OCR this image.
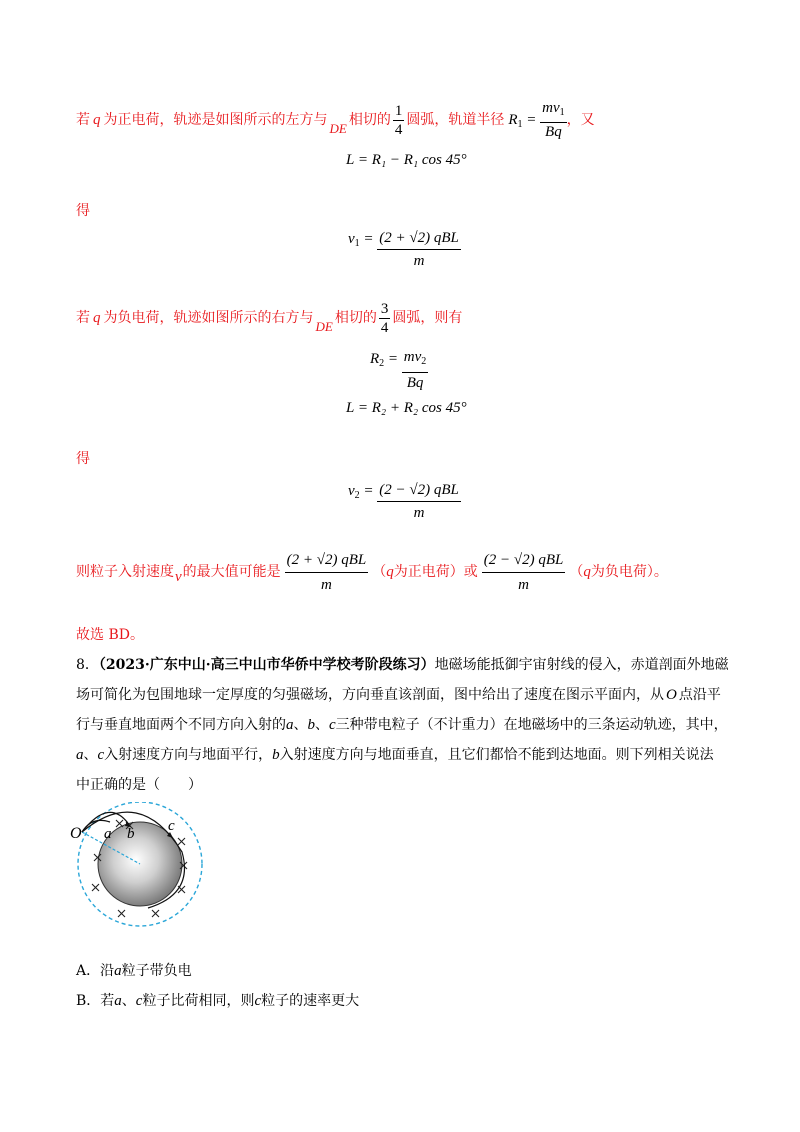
若 q 为正电荷，轨迹是如图所示的左方与DE相切的 $\frac{1}{4}$ 圆弧，轨道半径 $R_1 = \frac{mv_1}{Bq}$ ，又
L = R₁ − R₁ cos 45°
得
$v_1 = \frac{\text{(2 + √2) qBL}}{m}$
若 q 为负电荷，轨迹如图所示的右方与DE相切的 $\frac{3}{4}$ 圆弧，则有
$R_2 = \frac{mv_2}{Bq}$
L = R₂ + R₂ cos 45°
得
$v_2 = \frac{\text{(2 − √2) qBL}}{m}$
则粒子入射速度v的最大值可能是 $\frac{\text{(2 + √2) qBL}}{m} (q$为正电荷）或 $\frac{\text{(2 − √2) qBL}}{m} (q$为负电荷）。
故选 BD。
8．（2023·广东中山·高三中山市华侨中学校考阶段练习）地磁场能抵御宇宙射线的侵入，赤道剖面外地磁
场可简化为包围地球一定厚度的匀强磁场，方向垂直该剖面，图中给出了速度在图示平面内，从 O 点沿平
行与垂直地面两个不同方向入射的a、b、c三种带电粒子（不计重力）在地磁场中的三条运动轨迹，其中，
a、c入射速度方向与地面平行，b入射速度方向与地面垂直，且它们都恰不能到达地面。则下列相关说法
中正确的是（　　）
O a b c
A．沿a粒子带负电
B．若a、c粒子比荷相同，则c粒子的速率更大
